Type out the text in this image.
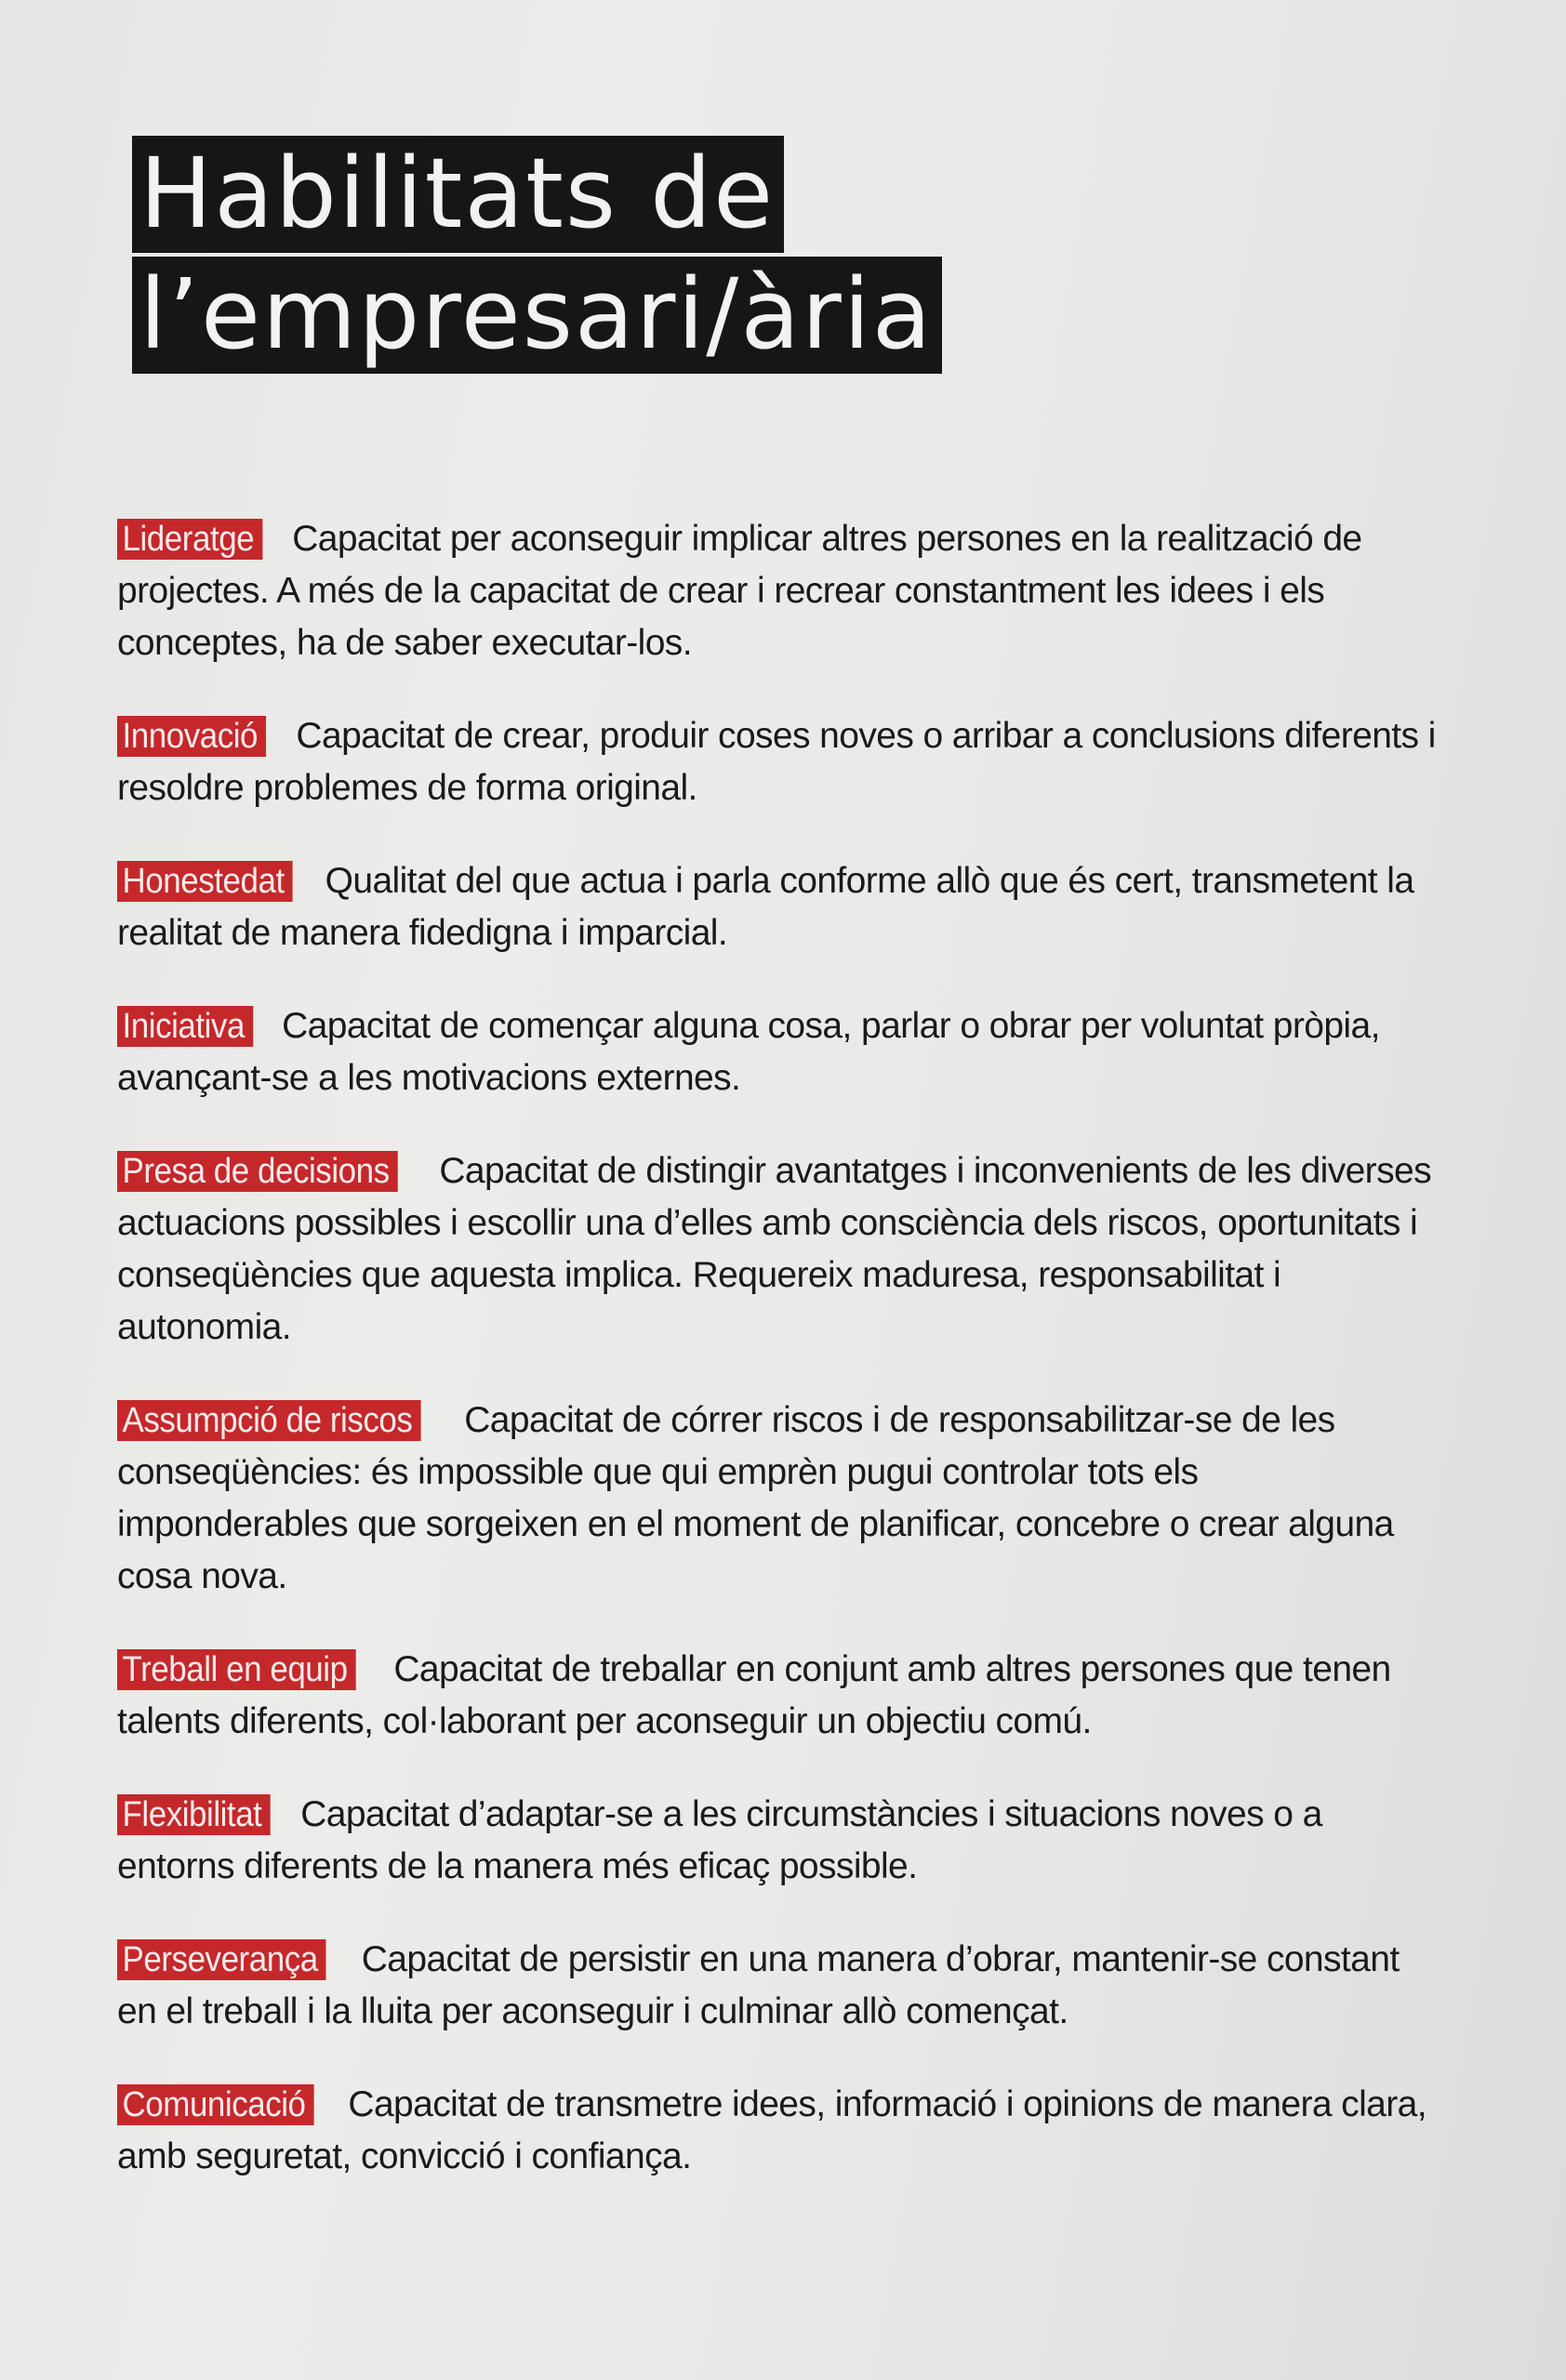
Habilitats de
l’empresari/ària

Lideratge Capacitat per aconseguir implicar altres persones en la realització de projectes. A més de la capacitat de crear i recrear constantment les idees i els conceptes, ha de saber executar-los.

Innovació Capacitat de crear, produir coses noves o arribar a conclusions diferents i resoldre problemes de forma original.

Honestedat Qualitat del que actua i parla conforme allò que és cert, transmetent la realitat de manera fidedigna i imparcial.

Iniciativa Capacitat de començar alguna cosa, parlar o obrar per voluntat pròpia, avançant-se a les motivacions externes.

Presa de decisions Capacitat de distingir avantatges i inconvenients de les diverses actuacions possibles i escollir una d’elles amb consciència dels riscos, oportunitats i conseqüències que aquesta implica. Requereix maduresa, responsabilitat i autonomia.

Assumpció de riscos Capacitat de córrer riscos i de responsabilitzar-se de les conseqüències: és impossible que qui emprèn pugui controlar tots els imponderables que sorgeixen en el moment de planificar, concebre o crear alguna cosa nova.

Treball en equip Capacitat de treballar en conjunt amb altres persones que tenen talents diferents, col·laborant per aconseguir un objectiu comú.

Flexibilitat Capacitat d’adaptar-se a les circumstàncies i situacions noves o a entorns diferents de la manera més eficaç possible.

Perseverança Capacitat de persistir en una manera d’obrar, mantenir-se constant en el treball i la lluita per aconseguir i culminar allò començat.

Comunicació Capacitat de transmetre idees, informació i opinions de manera clara, amb seguretat, convicció i confiança.
